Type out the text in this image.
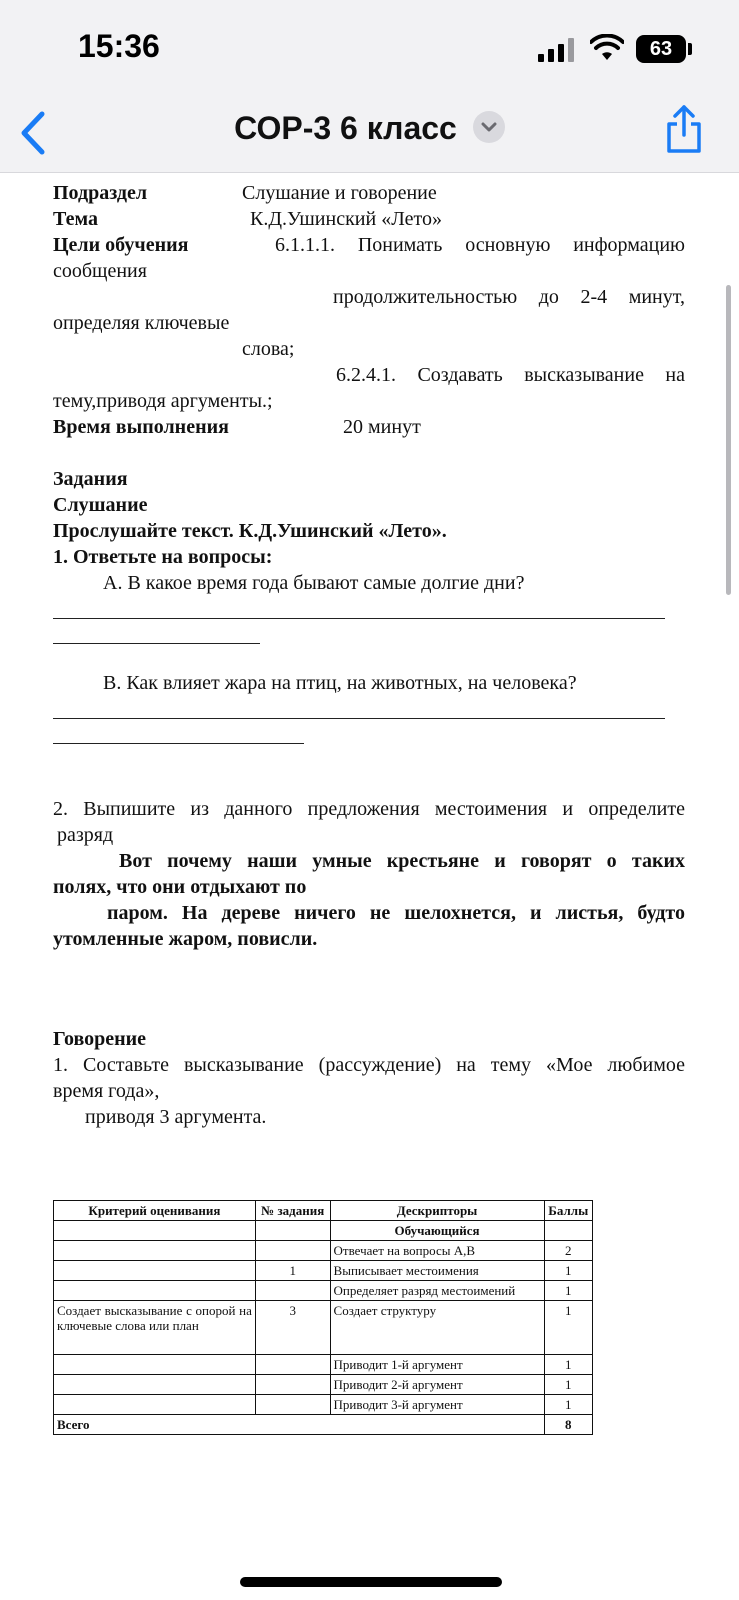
15:36	63
СОР-3 6 класс
Подраздел	Слушание и говорение
Тема	К.Д.Ушинский «Лето»
Цели обучения	6.1.1.1. Понимать основную информацию
сообщения
продолжительностью до 2-4 минут,
определяя ключевые
слова;
6.2.4.1. Создавать высказывание на
тему,приводя аргументы.;
Время выполнения	20 минут
Задания
Слушание
Прослушайте текст. К.Д.Ушинский «Лето».
1. Ответьте на вопросы:
А. В какое время года бывают самые долгие дни?
В. Как влияет жара на птиц, на животных, на человека?
2. Выпишите из данного предложения местоимения и определите
разряд
Вот почему наши умные крестьяне и говорят о таких
полях, что они отдыхают по
паром. На дереве ничего не шелохнется, и листья, будто
утомленные жаром, повисли.
Говорение
1. Составьте высказывание (рассуждение) на тему «Мое любимое
время года»,
приводя 3 аргумента.
Критерий оценивания	№ задания	Дескрипторы	Баллы
		Обучающийся	
		Отвечает на вопросы А,В	2
	1	Выписывает местоимения	1
		Определяет разряд местоимений	1
Создает высказывание с опорой на ключевые слова или план	3	Создает структуру	1
		Приводит 1-й аргумент	1
		Приводит 2-й аргумент	1
		Приводит 3-й аргумент	1
Всего			8
